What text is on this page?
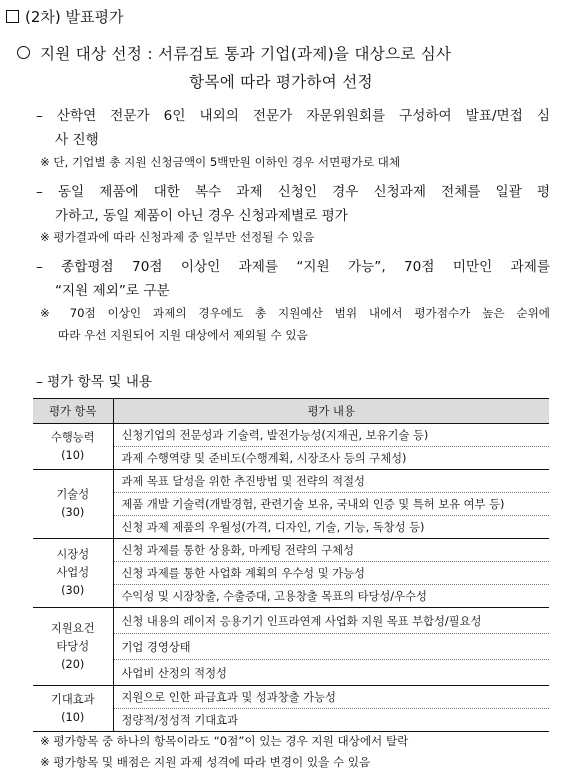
(2차) 발표평가
지원 대상 선정 : 서류검토 통과 기업(과제)을 대상으로 심사
항목에 따라 평가하여 선정
– 산학연 전문가 6인 내외의 전문가 자문위원회를 구성하여 발표/면접 심
사 진행
※ 단, 기업별 총 지원 신청금액이 5백만원 이하인 경우 서면평가로 대체
– 동일 제품에 대한 복수 과제 신청인 경우 신청과제 전체를 일괄 평
가하고, 동일 제품이 아닌 경우 신청과제별로 평가
※ 평가결과에 따라 신청과제 중 일부만 선정될 수 있음
– 종합평점 70점 이상인 과제를 “지원 가능”, 70점 미만인 과제를
“지원 제외”로 구분
※ 70점 이상인 과제의 경우에도 총 지원예산 범위 내에서 평가점수가 높은 순위에
따라 우선 지원되어 지원 대상에서 제외될 수 있음
– 평가 항목 및 내용
평가 항목	평가 내용

수행능력
(10)	신청기업의 전문성과 기술력, 발전가능성(지재권, 보유기술 등)
	과제 수행역량 및 준비도(수행계획, 시장조사 등의 구체성)

기술성
(30)	과제 목표 달성을 위한 추진방법 및 전략의 적절성
	제품 개발 기술력(개발경험, 관련기술 보유, 국내외 인증 및 특허 보유 여부 등)
	신청 과제 제품의 우월성(가격, 디자인, 기술, 기능, 독창성 등)

시장성
사업성
(30)	신청 과제를 통한 상용화, 마케팅 전략의 구체성
	신청 과제를 통한 사업화 계획의 우수성 및 가능성
	수익성 및 시장창출, 수출증대, 고용창출 목표의 타당성/우수성

지원요건
타당성
(20)	신청 내용의 레이저 응용기기 인프라연계 사업화 지원 목표 부합성/필요성
	기업 경영상태
	사업비 산정의 적정성

기대효과
(10)	지원으로 인한 파급효과 및 성과창출 가능성
	정량적/정성적 기대효과
※ 평가항목 중 하나의 항목이라도 “0점”이 있는 경우 지원 대상에서 탈락
※ 평가항목 및 배점은 지원 과제 성격에 따라 변경이 있을 수 있음
